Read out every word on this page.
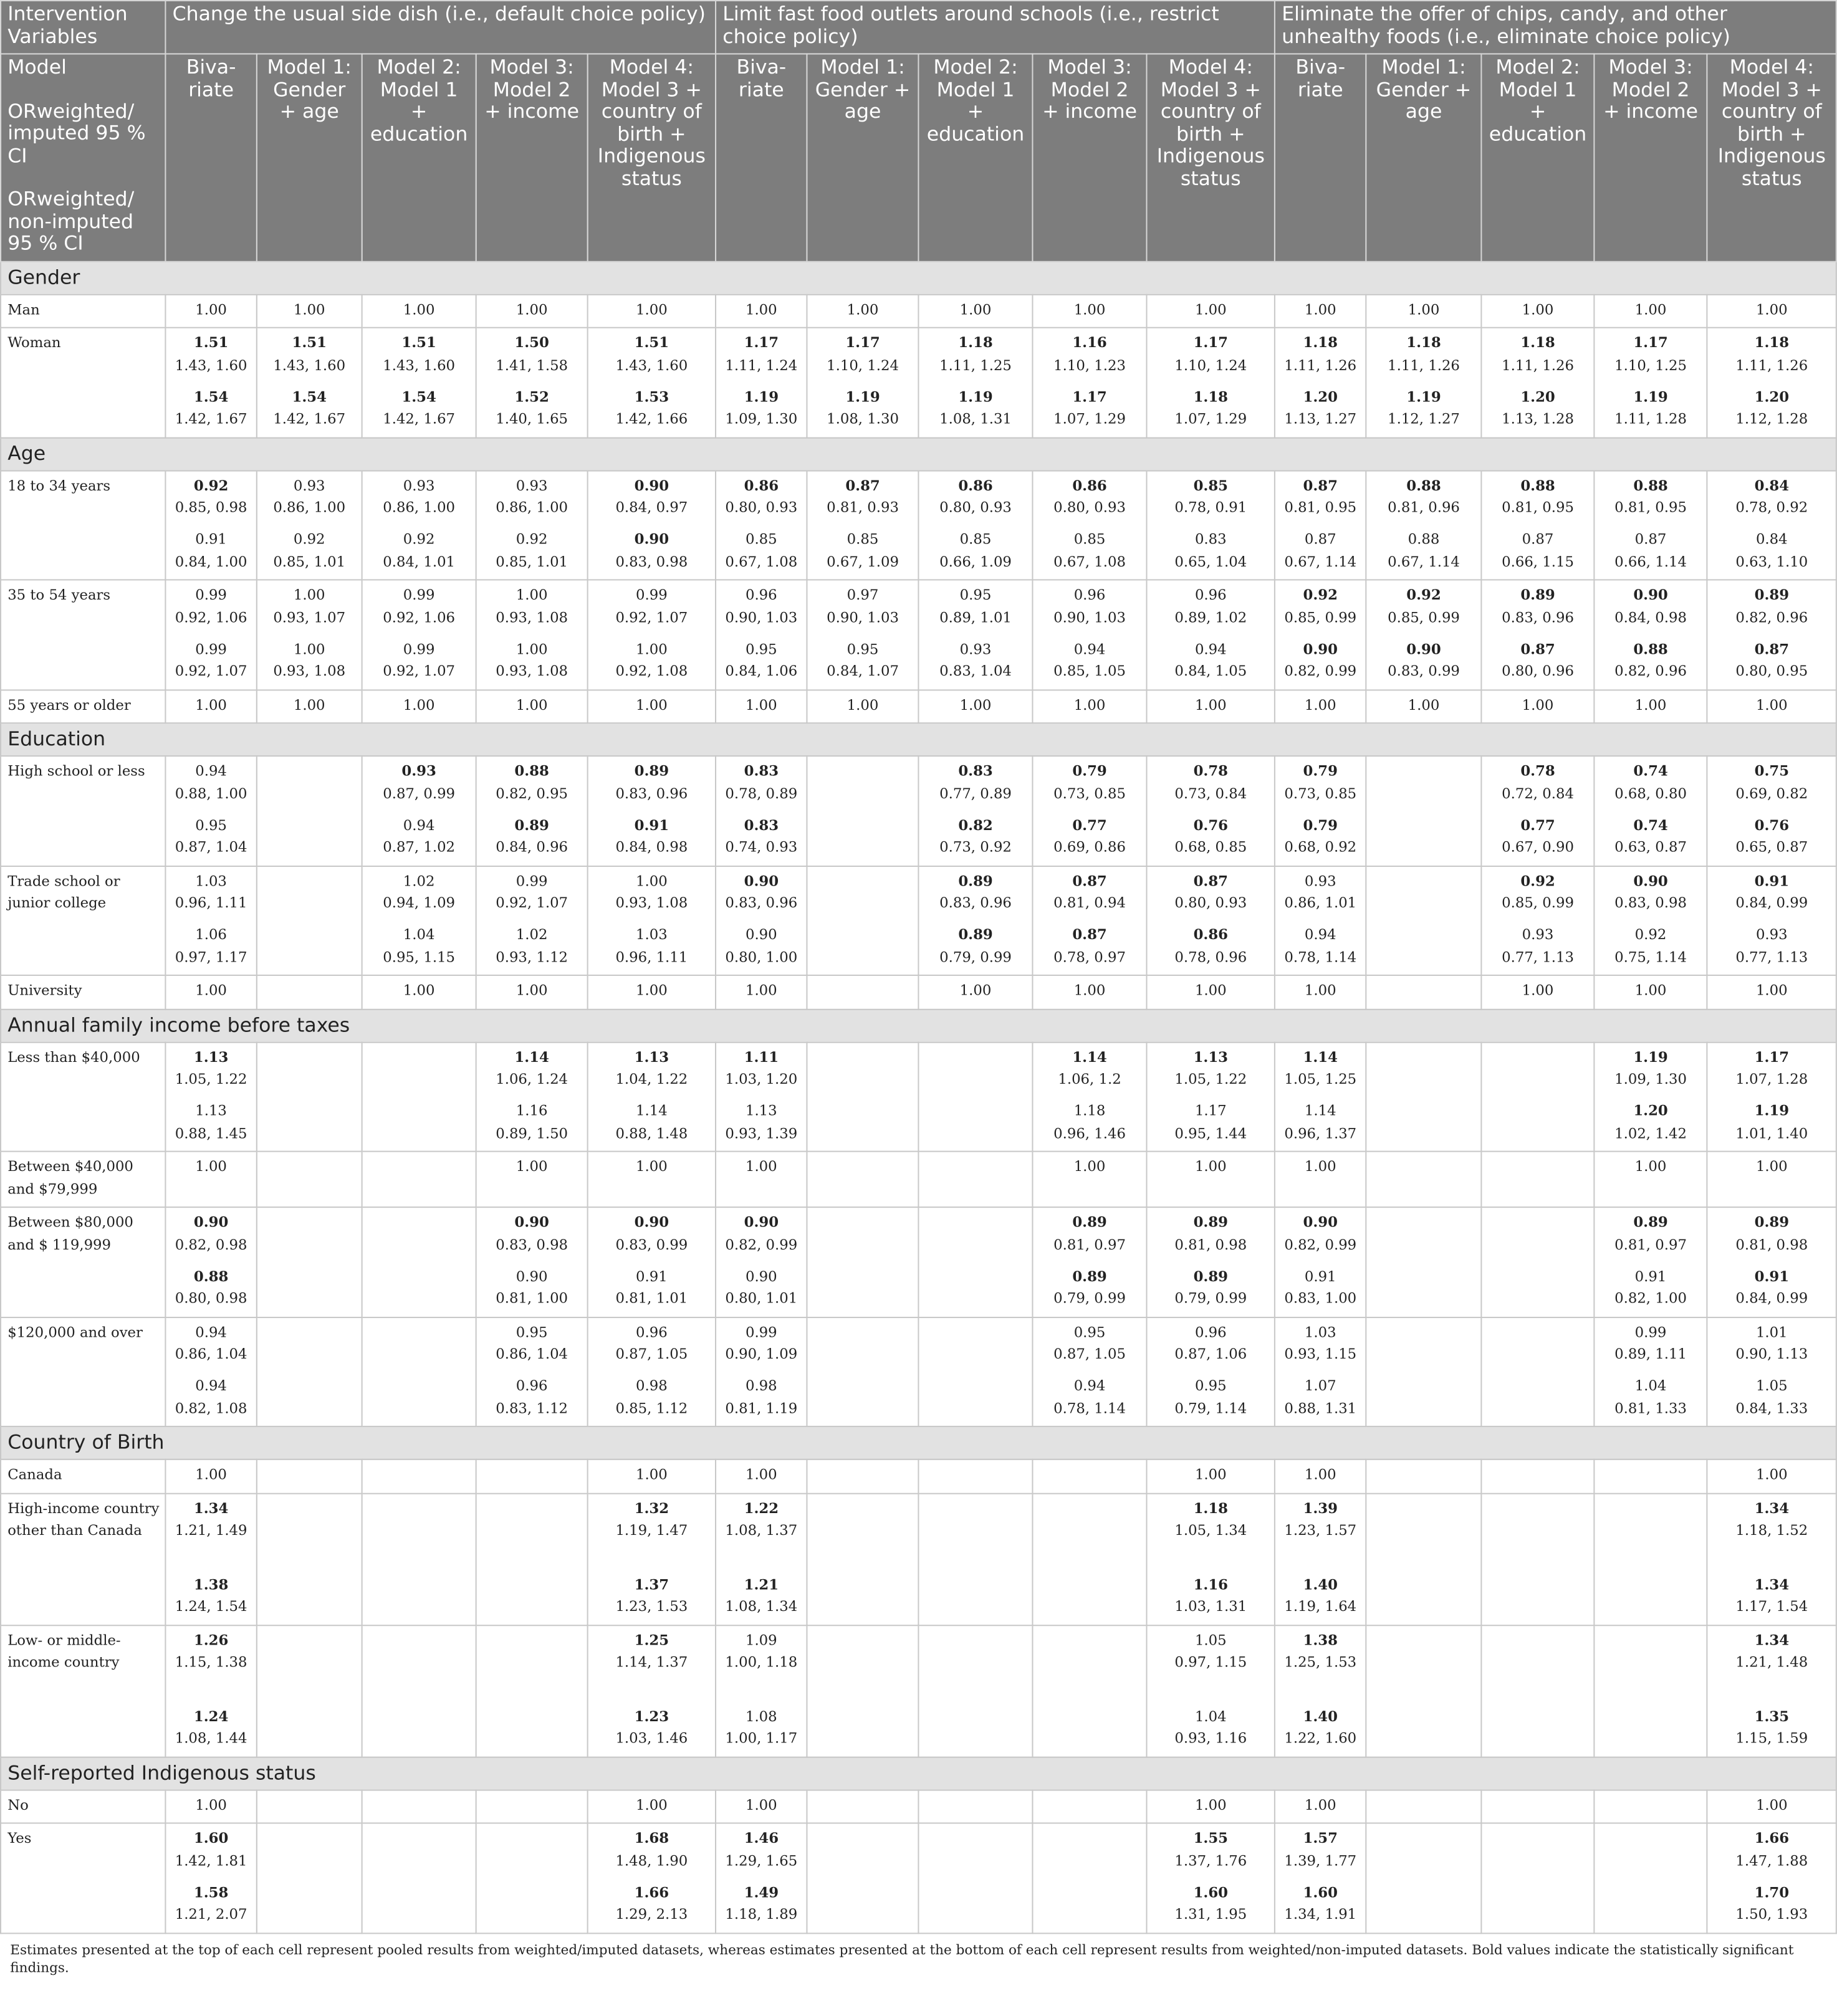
Intervention Variables	Change the usual side dish (i.e., default choice policy)					Limit fast food outlets around schools (i.e., restrict choice policy)					Eliminate the offer of chips, candy, and other unhealthy foods (i.e., eliminate choice policy)				

Model
ORweighted/ imputed 95 % CI
ORweighted/ non-imputed 95 % CI	Biva- riate	Model 1: Gender + age	Model 2: Model 1 + education	Model 3: Model 2 + income	Model 4: Model 3 + country of birth + Indigenous status	Biva- riate	Model 1: Gender + age	Model 2: Model 1 + education	Model 3: Model 2 + income	Model 4: Model 3 + country of birth + Indigenous status	Biva- riate	Model 1: Gender + age	Model 2: Model 1 + education	Model 3: Model 2 + income	Model 4: Model 3 + country of birth + Indigenous status
Gender															
Man	1.00	1.00	1.00	1.00	1.00	1.00	1.00	1.00	1.00	1.00	1.00	1.00	1.00	1.00	1.00

Woman	1.51
1.43, 1.60
1.54
1.42, 1.67	1.51
1.43, 1.60
1.54
1.42, 1.67	1.51
1.43, 1.60
1.54
1.42, 1.67	1.50
1.41, 1.58
1.52
1.40, 1.65	1.51
1.43, 1.60
1.53
1.42, 1.66	1.17
1.11, 1.24
1.19
1.09, 1.30	1.17
1.10, 1.24
1.19
1.08, 1.30	1.18
1.11, 1.25
1.19
1.08, 1.31	1.16
1.10, 1.23
1.17
1.07, 1.29	1.17
1.10, 1.24
1.18
1.07, 1.29	1.18
1.11, 1.26
1.20
1.13, 1.27	1.18
1.11, 1.26
1.19
1.12, 1.27	1.18
1.11, 1.26
1.20
1.13, 1.28	1.17
1.10, 1.25
1.19
1.11, 1.28	1.18
1.11, 1.26
1.20
1.12, 1.28

Age															
18 to 34 years	0.92
0.85, 0.98
0.91
0.84, 1.00	0.93
0.86, 1.00
0.92
0.85, 1.01	0.93
0.86, 1.00
0.92
0.84, 1.01	0.93
0.86, 1.00
0.92
0.85, 1.01	0.90
0.84, 0.97
0.90
0.83, 0.98	0.86
0.80, 0.93
0.85
0.67, 1.08	0.87
0.81, 0.93
0.85
0.67, 1.09	0.86
0.80, 0.93
0.85
0.66, 1.09	0.86
0.80, 0.93
0.85
0.67, 1.08	0.85
0.78, 0.91
0.83
0.65, 1.04	0.87
0.81, 0.95
0.87
0.67, 1.14	0.88
0.81, 0.96
0.88
0.67, 1.14	0.88
0.81, 0.95
0.87
0.66, 1.15	0.88
0.81, 0.95
0.87
0.66, 1.14	0.84
0.78, 0.92
0.84
0.63, 1.10

35 to 54 years	0.99
0.92, 1.06
0.99
0.92, 1.07	1.00
0.93, 1.07
1.00
0.93, 1.08	0.99
0.92, 1.06
0.99
0.92, 1.07	1.00
0.93, 1.08
1.00
0.93, 1.08	0.99
0.92, 1.07
1.00
0.92, 1.08	0.96
0.90, 1.03
0.95
0.84, 1.06	0.97
0.90, 1.03
0.95
0.84, 1.07	0.95
0.89, 1.01
0.93
0.83, 1.04	0.96
0.90, 1.03
0.94
0.85, 1.05	0.96
0.89, 1.02
0.94
0.84, 1.05	0.92
0.85, 0.99
0.90
0.82, 0.99	0.92
0.85, 0.99
0.90
0.83, 0.99	0.89
0.83, 0.96
0.87
0.80, 0.96	0.90
0.84, 0.98
0.88
0.82, 0.96	0.89
0.82, 0.96
0.87
0.80, 0.95

55 years or older	1.00	1.00	1.00	1.00	1.00	1.00	1.00	1.00	1.00	1.00	1.00	1.00	1.00	1.00	1.00

Education															
High school or less	0.94
0.88, 1.00
0.95
0.87, 1.04		0.93
0.87, 0.99
0.94
0.87, 1.02	0.88
0.82, 0.95
0.89
0.84, 0.96	0.89
0.83, 0.96
0.91
0.84, 0.98	0.83
0.78, 0.89
0.83
0.74, 0.93		0.83
0.77, 0.89
0.82
0.73, 0.92	0.79
0.73, 0.85
0.77
0.69, 0.86	0.78
0.73, 0.84
0.76
0.68, 0.85	0.79
0.73, 0.85
0.79
0.68, 0.92		0.78
0.72, 0.84
0.77
0.67, 0.90	0.74
0.68, 0.80
0.74
0.63, 0.87	0.75
0.69, 0.82
0.76
0.65, 0.87

Trade school or junior college	1.03
0.96, 1.11
1.06
0.97, 1.17		1.02
0.94, 1.09
1.04
0.95, 1.15	0.99
0.92, 1.07
1.02
0.93, 1.12	1.00
0.93, 1.08
1.03
0.96, 1.11	0.90
0.83, 0.96
0.90
0.80, 1.00		0.89
0.83, 0.96
0.89
0.79, 0.99	0.87
0.81, 0.94
0.87
0.78, 0.97	0.87
0.80, 0.93
0.86
0.78, 0.96	0.93
0.86, 1.01
0.94
0.78, 1.14		0.92
0.85, 0.99
0.93
0.77, 1.13	0.90
0.83, 0.98
0.92
0.75, 1.14	0.91
0.84, 0.99
0.93
0.77, 1.13

University	1.00		1.00	1.00	1.00	1.00		1.00	1.00	1.00	1.00		1.00	1.00	1.00

Annual family income before taxes															
Less than $40,000	1.13
1.05, 1.22
1.13
0.88, 1.45			1.14
1.06, 1.24
1.16
0.89, 1.50	1.13
1.04, 1.22
1.14
0.88, 1.48	1.11
1.03, 1.20
1.13
0.93, 1.39			1.14
1.06, 1.2
1.18
0.96, 1.46	1.13
1.05, 1.22
1.17
0.95, 1.44	1.14
1.05, 1.25
1.14
0.96, 1.37			1.19
1.09, 1.30
1.20
1.02, 1.42	1.17
1.07, 1.28
1.19
1.01, 1.40

Between $40,000 and $79,999	1.00			1.00	1.00	1.00			1.00	1.00	1.00			1.00	1.00

Between $80,000 and $ 119,999	0.90
0.82, 0.98
0.88
0.80, 0.98			0.90
0.83, 0.98
0.90
0.81, 1.00	0.90
0.83, 0.99
0.91
0.81, 1.01	0.90
0.82, 0.99
0.90
0.80, 1.01			0.89
0.81, 0.97
0.89
0.79, 0.99	0.89
0.81, 0.98
0.89
0.79, 0.99	0.90
0.82, 0.99
0.91
0.83, 1.00			0.89
0.81, 0.97
0.91
0.82, 1.00	0.89
0.81, 0.98
0.91
0.84, 0.99

$120,000 and over	0.94
0.86, 1.04
0.94
0.82, 1.08			0.95
0.86, 1.04
0.96
0.83, 1.12	0.96
0.87, 1.05
0.98
0.85, 1.12	0.99
0.90, 1.09
0.98
0.81, 1.19			0.95
0.87, 1.05
0.94
0.78, 1.14	0.96
0.87, 1.06
0.95
0.79, 1.14	1.03
0.93, 1.15
1.07
0.88, 1.31			0.99
0.89, 1.11
1.04
0.81, 1.33	1.01
0.90, 1.13
1.05
0.84, 1.33

Country of Birth															
Canada	1.00				1.00	1.00				1.00	1.00				1.00

High-income country other than Canada	1.34
1.21, 1.49
1.38
1.24, 1.54				1.32
1.19, 1.47
1.37
1.23, 1.53	1.22
1.08, 1.37
1.21
1.08, 1.34				1.18
1.05, 1.34
1.16
1.03, 1.31	1.39
1.23, 1.57
1.40
1.19, 1.64				1.34
1.18, 1.52
1.34
1.17, 1.54

Low- or middle-income country	1.26
1.15, 1.38
1.24
1.08, 1.44				1.25
1.14, 1.37
1.23
1.03, 1.46	1.09
1.00, 1.18
1.08
1.00, 1.17				1.05
0.97, 1.15
1.04
0.93, 1.16	1.38
1.25, 1.53
1.40
1.22, 1.60				1.34
1.21, 1.48
1.35
1.15, 1.59

Self-reported Indigenous status															
No	1.00				1.00	1.00				1.00	1.00				1.00

Yes	1.60
1.42, 1.81
1.58
1.21, 2.07				1.68
1.48, 1.90
1.66
1.29, 2.13	1.46
1.29, 1.65
1.49
1.18, 1.89				1.55
1.37, 1.76
1.60
1.31, 1.95	1.57
1.39, 1.77
1.60
1.34, 1.91				1.66
1.47, 1.88
1.70
1.50, 1.93
Estimates presented at the top of each cell represent pooled results from weighted/imputed datasets, whereas estimates presented at the bottom of each cell represent results from weighted/non-imputed datasets. Bold values indicate the statistically significant findings.
